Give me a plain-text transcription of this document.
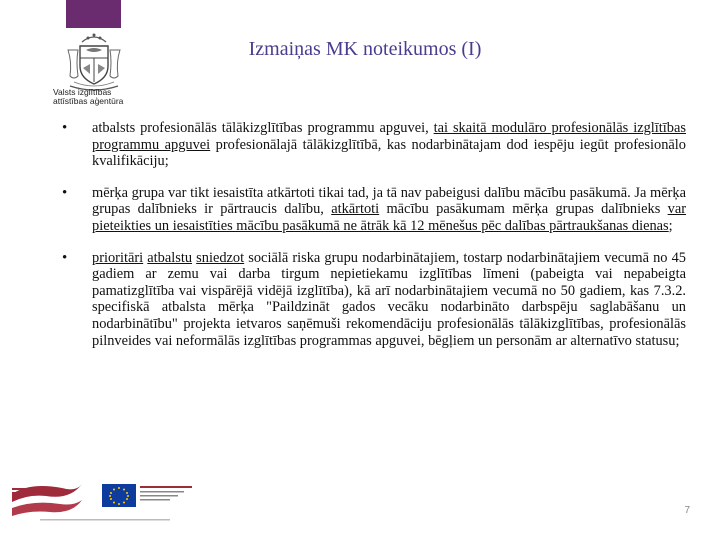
Valsts izglītības
attīstības aģentūra
Izmaiņas MK noteikumos (I)
•	atbalsts profesionālās tālākizglītības programmu apguvei, tai skaitā modulāro profesionālās izglītības programmu apguvei profesionālajā tālākizglītībā, kas nodarbinātajam dod iespēju iegūt profesionālo kvalifikāciju;
•	mērķa grupa var tikt iesaistīta atkārtoti tikai tad, ja tā nav pabeigusi dalību mācību pasākumā. Ja mērķa grupas dalībnieks ir pārtraucis dalību, atkārtoti mācību pasākumam mērķa grupas dalībnieks var pieteikties un iesaistīties mācību pasākumā ne ātrāk kā 12 mēnešus pēc dalības pārtraukšanas dienas;
•	prioritāri atbalstu sniedzot sociālā riska grupu nodarbinātajiem, tostarp nodarbinātajiem vecumā no 45 gadiem ar zemu vai darba tirgum nepietiekamu izglītības līmeni (pabeigta vai nepabeigta pamatizglītība vai vispārējā vidējā izglītība), kā arī nodarbinātajiem vecumā no 50 gadiem, kas 7.3.2. specifiskā atbalsta mērķa "Paildzināt gados vecāku nodarbināto darbspēju saglabāšanu un nodarbinātību" projekta ietvaros saņēmuši rekomendāciju profesionālās tālākizglītības, profesionālās pilnveides vai neformālās izglītības programmas apguvei, bēgļiem un personām ar alternatīvo statusu;
7
